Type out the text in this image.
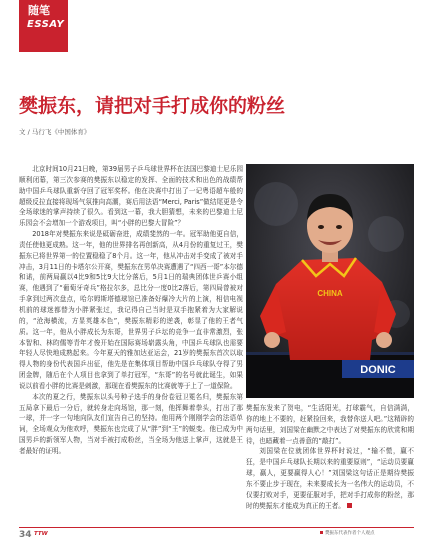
随笔
ESSAY
樊振东，请把对手打成你的粉丝
文 / 马行飞《中国体育》

北京时间10月21日晚，第39届男子乒乓球世界杯在法国巴黎迪士尼乐园顺利闭幕，第三次参赛的樊振东以稳定的发挥、全面的技术和出色的战绩帮助中国乒乓球队重新夺回了冠军奖杯。他在决赛中打出了一记粤语超车般的超级反拉直接将现场气氛推向高潮，赛后用法语“Merci, Paris”做结尾更是令全场球迷的掌声持续了很久。看到这一幕，我大胆猜想，未来的巴黎迪士尼乐园会不会增加一个游戏项目，叫“小胖的巴黎大冒险”？

2018年对樊振东来说是砥砺奋进，成绩斐然的一年。冠军助他更自信，责任使他更成熟。这一年，他的世界排名再创新高，从4月份的重复过王，樊振东已将世界第一的位置稳稳了8个月。这一年，他从冲击对手变成了被对手冲击，3月11日的卡塔尔公开赛，樊振东在男单决赛遭遇了“四西一哥”本尔德和诺，前两局赢以4比9和5比9大比分落后，5月1日的瑞典团体世乒赛小组赛，他遇到了“葡萄牙奇兵”格拉尔多，总比分一度0比2落后，第四局曾被对手拿到过两次盘点，哈尔姆斯塔德球馆已准备好爆冷大片的上演，相信电视机前的球迷都替为小胖紧张过，我记得自己当时是双手抱紧着为大家解说的，“沧海横流，方显英雄本色”，樊振东精彩的逆袭，彰显了他的王者气质。这一年，他从小胖成长为东哥，世界男子乒坛的竞争一直非常激烈，张本智和、林昀儒等青年才俊开始在国际赛场崭露头角，中国乒乓球队也需要年轻人尽快地成熟起来。今年夏天的雅加达亚运会，21岁的樊振东首次以取得人物的身份代表国乒出征，他先是在集体项目帮助中国乒乓球队夺得了男团金牌，随后在个人项目也拿到了单打冠军，“东哥”的名号就此诞生，如果说以前看小胖的比赛是刺激，那现在看樊振东的比赛就等于上了一道保险。

本次的夏之行，樊振东以头号种子选手的身份卷冠卫冕名归，樊振东第五局拿下最后一分后，就转身走向场馆，那一刻，他挥舞着拳头，打出了那一球，并一字一句地向队友们宣告自己的坚持。他用两个刚刚学会的法语单词，全场观众为他欢呼，樊振东也完成了从“胖”到“王”的蜕变。他已成为中国男乒的新领军人物，当对手被打成粉丝，当全场为他送上掌声，这就是王者最好的证明。

DONIC
CHINA

樊振东发来了贺电，“生活阳光，打球霸气，自信满满，你的地上不要的，赶紧捡回来，我替你送人吧。”这精辟的两句话里，刘国梁在幽默之中表达了对樊振东的欣赏和期待，也暗藏着一点善意的“敲打”。

刘国梁在位就团体世界杯时说过，“输不慌，赢不狂，是中国乒乓球队长期以来的重要原则”，“运动员要赢球，赢人，更要赢得人心！”刘国梁这句话正是期待樊振东不要止步于现在，未来要成长为一名伟大的运动员，不仅要打败对手，更要征服对手，把对手打成你的粉丝，那时的樊振东才能成为真正的王者。

樊振东代表作者个人观点
34 TTW
